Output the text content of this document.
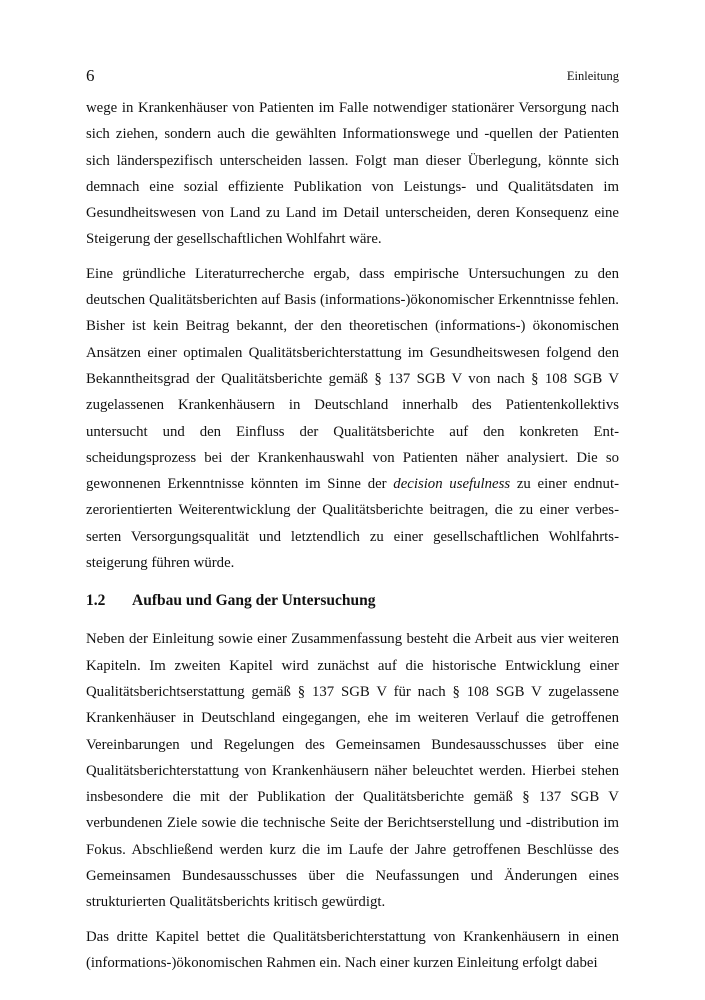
6	Einleitung

wege in Krankenhäuser von Patienten im Falle notwendiger stationärer Versorgung nach sich ziehen, sondern auch die gewählten Informationswege und -quellen der Patienten sich länderspezifisch unterscheiden lassen. Folgt man dieser Überlegung, könnte sich demnach eine sozial effiziente Publikation von Leistungs- und Qualitätsdaten im Gesundheitswesen von Land zu Land im Detail unterscheiden, deren Konsequenz eine Steigerung der gesellschaftlichen Wohlfahrt wäre.

Eine gründliche Literaturrecherche ergab, dass empirische Untersuchungen zu den deutschen Qualitätsberichten auf Basis (informations-)ökonomischer Erkenntnisse fehlen. Bisher ist kein Beitrag bekannt, der den theoretischen (informations-) ökonomischen Ansätzen einer optimalen Qualitätsberichterstattung im Gesundheitswesen folgend den Bekanntheitsgrad der Qualitätsberichte gemäß § 137 SGB V von nach § 108 SGB V zugelassenen Krankenhäusern in Deutschland innerhalb des Patientenkollektivs untersucht und den Einfluss der Qualitätsberichte auf den konkreten Entscheidungsprozess bei der Krankenhauswahl von Patienten näher analysiert. Die so gewonnenen Erkenntnisse könnten im Sinne der decision usefulness zu einer endnutzerorientierten Weiterentwicklung der Qualitätsberichte beitragen, die zu einer verbesserten Versorgungsqualität und letztendlich zu einer gesellschaftlichen Wohlfahrtssteigerung führen würde.

1.2	Aufbau und Gang der Untersuchung

Neben der Einleitung sowie einer Zusammenfassung besteht die Arbeit aus vier weiteren Kapiteln. Im zweiten Kapitel wird zunächst auf die historische Entwicklung einer Qualitätsberichtserstattung gemäß § 137 SGB V für nach § 108 SGB V zugelassene Krankenhäuser in Deutschland eingegangen, ehe im weiteren Verlauf die getroffenen Vereinbarungen und Regelungen des Gemeinsamen Bundesausschusses über eine Qualitätsberichterstattung von Krankenhäusern näher beleuchtet werden. Hierbei stehen insbesondere die mit der Publikation der Qualitätsberichte gemäß § 137 SGB V verbundenen Ziele sowie die technische Seite der Berichtserstellung und -distribution im Fokus. Abschließend werden kurz die im Laufe der Jahre getroffenen Beschlüsse des Gemeinsamen Bundesausschusses über die Neufassungen und Änderungen eines strukturierten Qualitätsberichts kritisch gewürdigt.

Das dritte Kapitel bettet die Qualitätsberichterstattung von Krankenhäusern in einen (informations-)ökonomischen Rahmen ein. Nach einer kurzen Einleitung erfolgt dabei
